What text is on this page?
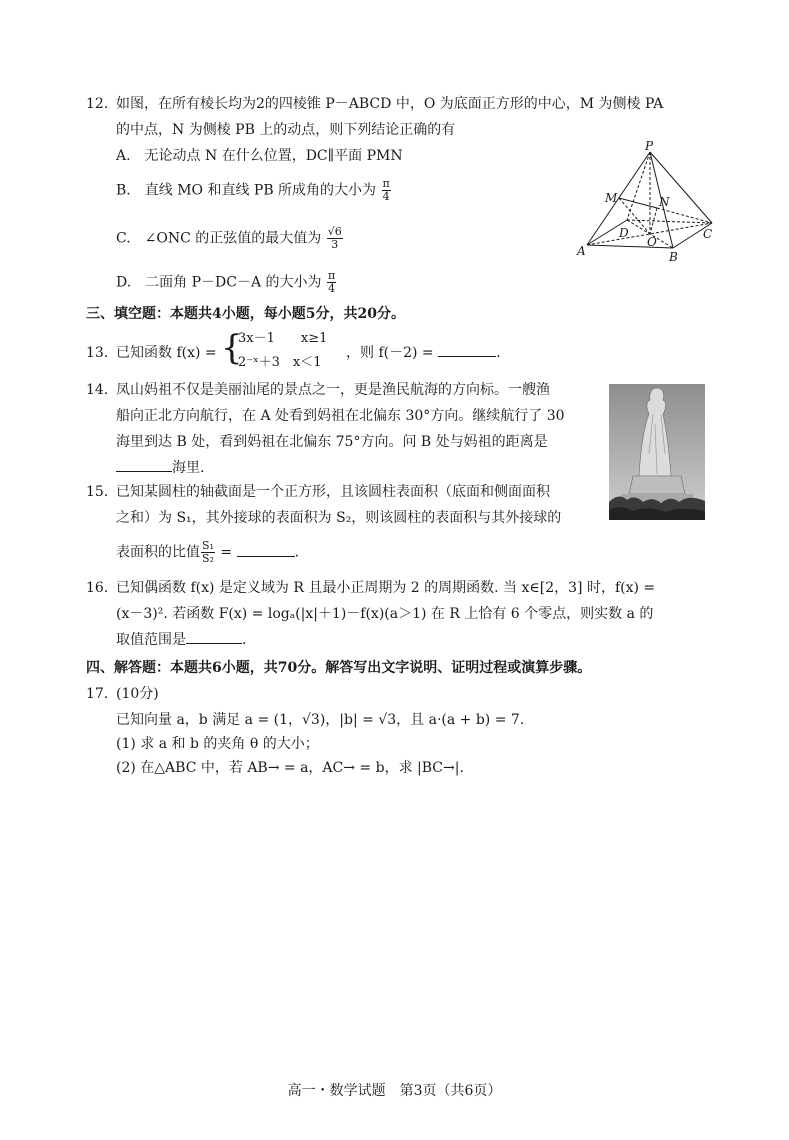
12. 如图，在所有棱长均为2的四棱锥 P－ABCD 中，O 为底面正方形的中心，M 为侧棱 PA
的中点，N 为侧棱 PB 上的动点，则下列结论正确的有
A.　无论动点 N 在什么位置，DC∥平面 PMN
B.　直线 MO 和直线 PB 所成角的大小为 $\frac{\pi}{4}$
C.　∠ONC 的正弦值的最大值为 $\frac{√6}{3}$
D.　二面角 P－DC－A 的大小为 $\frac{\pi}{4}$
P
M	N
C
D
O
A	B
三、填空题：本题共4小题，每小题5分，共20分。
13. 已知函数 f(x) = {
3x－1　　x≥1
2⁻ˣ＋3　x＜1
，则 f(－2) =	.
14. 凤山妈祖不仅是美丽汕尾的景点之一，更是渔民航海的方向标。一艘渔
船向正北方向航行，在 A 处看到妈祖在北偏东 30°方向。继续航行了 30
海里到达 B 处，看到妈祖在北偏东 75°方向。问 B 处与妈祖的距离是
海里.
15. 已知某圆柱的轴截面是一个正方形，且该圆柱表面积（底面和侧面面积
之和）为 S₁，其外接球的表面积为 S₂，则该圆柱的表面积与其外接球的
表面积的比值 $\frac{\text{S₁}}{\text{S₂}}$ =	.
16. 已知偶函数 f(x) 是定义域为 R 且最小正周期为 2 的周期函数. 当 x∈[2，3] 时，f(x) =
(x－3)². 若函数 F(x) = logₐ(|x|＋1)－f(x)(a＞1) 在 R 上恰有 6 个零点，则实数 a 的
取值范围是	.
四、解答题：本题共6小题，共70分。解答写出文字说明、证明过程或演算步骤。
17. (10分)
已知向量 a，b 满足 a = (1，√3)，|b| = √3，且 a·(a + b) = 7.
(1) 求 a 和 b 的夹角 θ 的大小；
(2) 在△ABC 中，若 AB→ = a，AC→ = b，求 |BC→|.
高一・数学试题　第3页（共6页）
